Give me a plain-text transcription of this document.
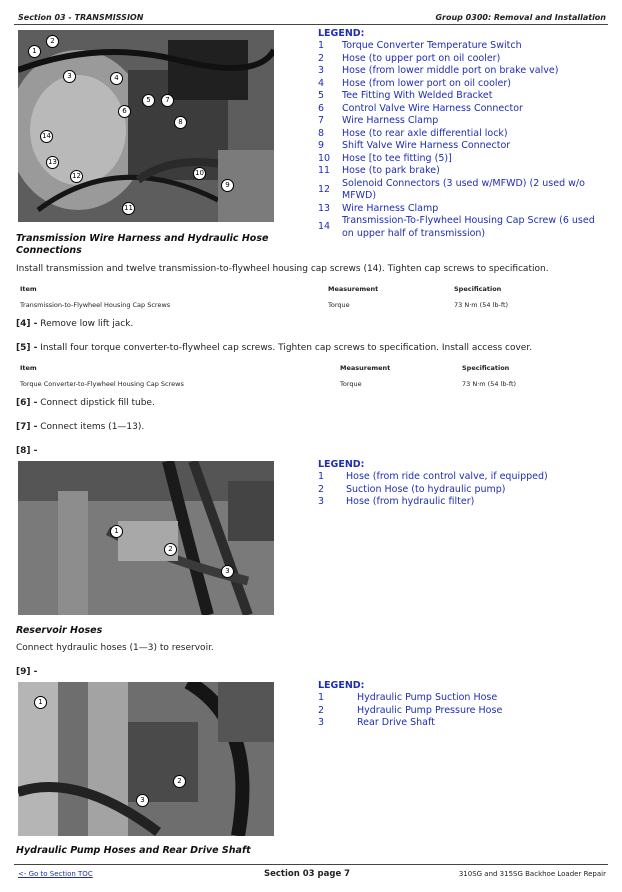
Section 03 - TRANSMISSION	Group 0300: Removal and Installation
1
2
3	4
5
6
7
8
9
10
11
12
13
14
LEGEND:
1	Torque Converter Temperature Switch
2	Hose (to upper port on oil cooler)
3	Hose (from lower middle port on brake valve)
4	Hose (from lower port on oil cooler)
5	Tee Fitting With Welded Bracket
6	Control Valve Wire Harness Connector
7	Wire Harness Clamp
8	Hose (to rear axle differential lock)
9	Shift Valve Wire Harness Connector
10	Hose [to tee fitting (5)]
11	Hose (to park brake)
12	Solenoid Connectors (3 used w/MFWD) (2 used w/o MFWD)
13	Wire Harness Clamp
14	Transmission-To-Flywheel Housing Cap Screw (6 used on upper half of transmission)
Transmission Wire Harness and Hydraulic Hose Connections
Install transmission and twelve transmission-to-flywheel housing cap screws (14). Tighten cap screws to specification.
Item	Measurement	Specification
Transmission-to-Flywheel Housing Cap Screws	Torque	73 N·m (54 lb-ft)
[4] - Remove low lift jack.
[5] - Install four torque converter-to-flywheel cap screws. Tighten cap screws to specification. Install access cover.
Item	Measurement	Specification
Torque Converter-to-Flywheel Housing Cap Screws	Torque	73 N·m (54 lb-ft)
[6] - Connect dipstick fill tube.
[7] - Connect items (1—13).
[8] -
1
2
3
LEGEND:
1	Hose (from ride control valve, if equipped)
2	Suction Hose (to hydraulic pump)
3	Hose (from hydraulic filter)
Reservoir Hoses
Connect hydraulic hoses (1—3) to reservoir.
[9] -
1
2
3
LEGEND:
1	Hydraulic Pump Suction Hose
2	Hydraulic Pump Pressure Hose
3	Rear Drive Shaft
Hydraulic Pump Hoses and Rear Drive Shaft
<- Go to Section TOC	Section 03 page 7	310SG and 315SG Backhoe Loader Repair
